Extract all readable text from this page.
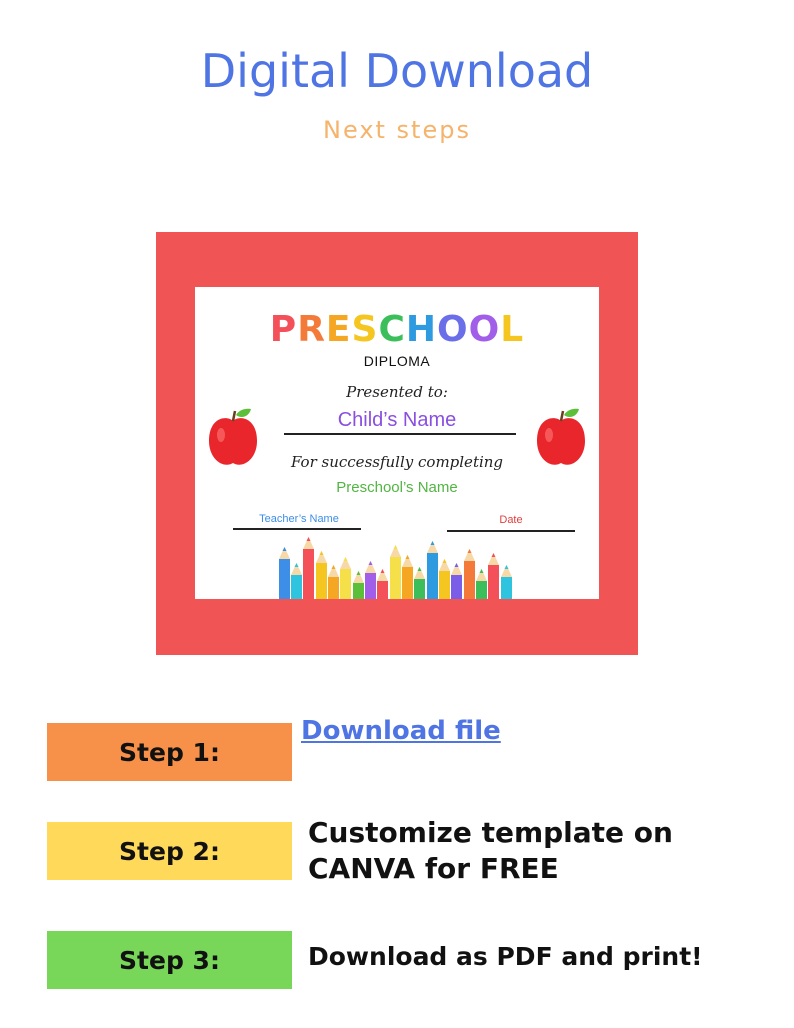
Digital Download
Next steps
PRESCHOOL
DIPLOMA
Presented to:
Child’s Name
For successfully completing
Preschool’s Name
Teacher’s Name	Date
Step 1:
Download file
Step 2:
Customize template on CANVA for FREE
Step 3:	Download as PDF and print!
